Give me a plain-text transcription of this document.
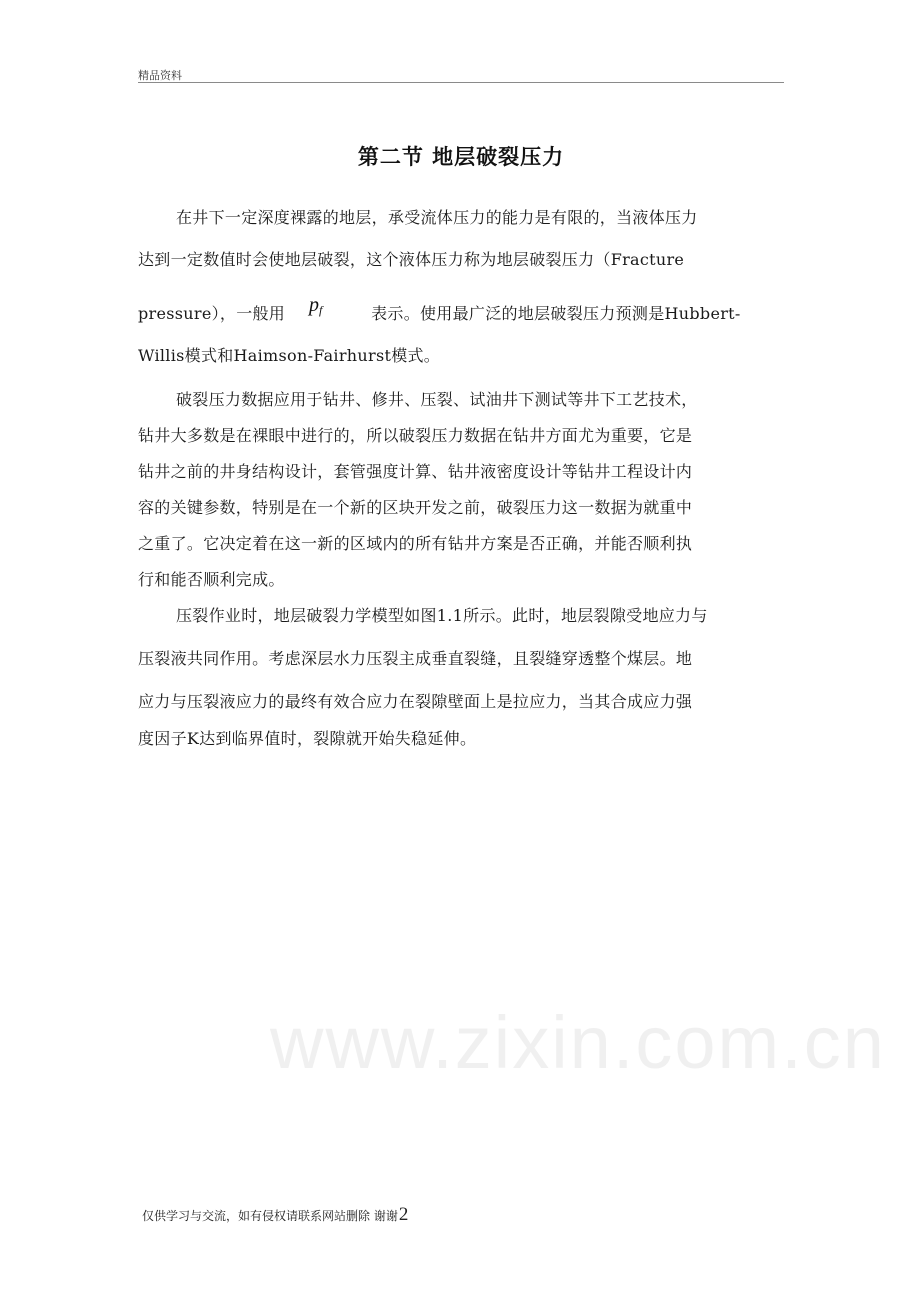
精品资料
第二节 地层破裂压力
在井下一定深度裸露的地层，承受流体压力的能力是有限的，当液体压力
达到一定数值时会使地层破裂，这个液体压力称为地层破裂压力（Fracture
pressure），一般用	表示。使用最广泛的地层破裂压力预测是Hubbert-
$p_f$
Willis模式和Haimson-Fairhurst模式。
破裂压力数据应用于钻井、修井、压裂、试油井下测试等井下工艺技术，
钻井大多数是在裸眼中进行的，所以破裂压力数据在钻井方面尤为重要，它是
钻井之前的井身结构设计，套管强度计算、钻井液密度设计等钻井工程设计内
容的关键参数，特别是在一个新的区块开发之前，破裂压力这一数据为就重中
之重了。它决定着在这一新的区域内的所有钻井方案是否正确，并能否顺利执
行和能否顺利完成。
压裂作业时，地层破裂力学模型如图1.1所示。此时，地层裂隙受地应力与
压裂液共同作用。考虑深层水力压裂主成垂直裂缝，且裂缝穿透整个煤层。地
应力与压裂液应力的最终有效合应力在裂隙壁面上是拉应力，当其合成应力强
度因子K达到临界值时，裂隙就开始失稳延伸。
www.zixin.com.cn
仅供学习与交流，如有侵权请联系网站删除 谢谢2
